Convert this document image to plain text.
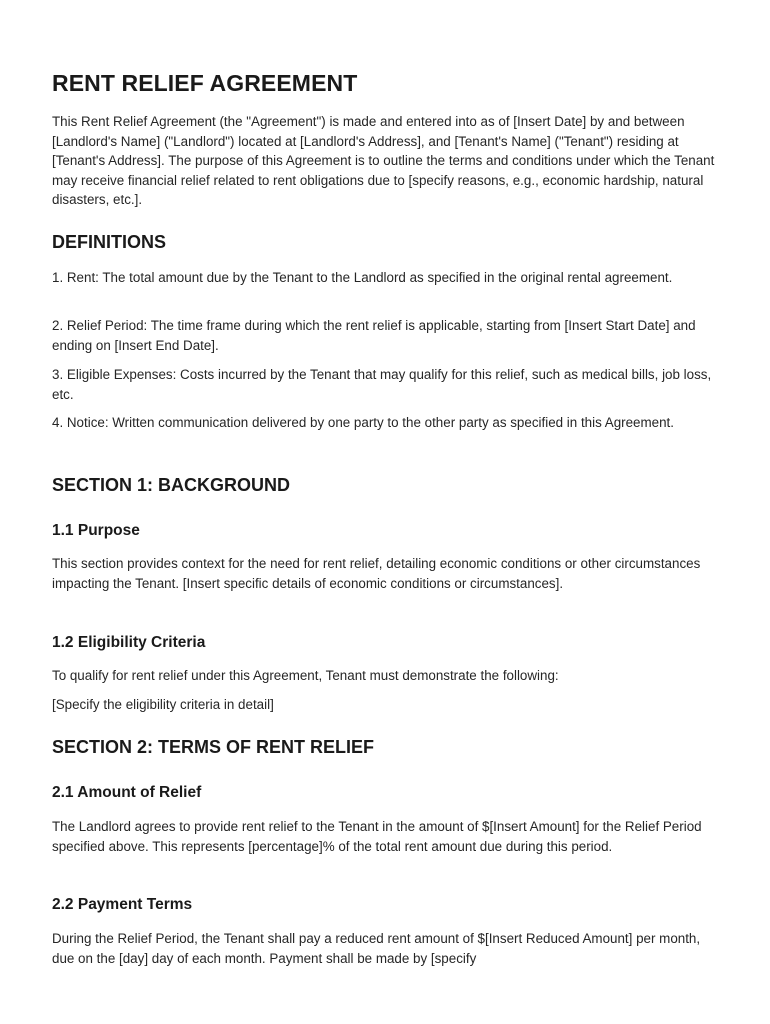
RENT RELIEF AGREEMENT

This Rent Relief Agreement (the "Agreement") is made and entered into as of [Insert Date] by and between [Landlord's Name] ("Landlord") located at [Landlord's Address], and [Tenant's Name] ("Tenant") residing at [Tenant's Address]. The purpose of this Agreement is to outline the terms and conditions under which the Tenant may receive financial relief related to rent obligations due to [specify reasons, e.g., economic hardship, natural disasters, etc.].

DEFINITIONS

1. Rent: The total amount due by the Tenant to the Landlord as specified in the original rental agreement.

2. Relief Period: The time frame during which the rent relief is applicable, starting from [Insert Start Date] and ending on [Insert End Date].

3. Eligible Expenses: Costs incurred by the Tenant that may qualify for this relief, such as medical bills, job loss, etc.

4. Notice: Written communication delivered by one party to the other party as specified in this Agreement.

SECTION 1: BACKGROUND
1.1 Purpose

This section provides context for the need for rent relief, detailing economic conditions or other circumstances impacting the Tenant. [Insert specific details of economic conditions or circumstances].

1.2 Eligibility Criteria

To qualify for rent relief under this Agreement, Tenant must demonstrate the following:

[Specify the eligibility criteria in detail]

SECTION 2: TERMS OF RENT RELIEF
2.1 Amount of Relief

The Landlord agrees to provide rent relief to the Tenant in the amount of $[Insert Amount] for the Relief Period specified above. This represents [percentage]% of the total rent amount due during this period.

2.2 Payment Terms

During the Relief Period, the Tenant shall pay a reduced rent amount of $[Insert Reduced Amount] per month, due on the [day] day of each month. Payment shall be made by [specify
